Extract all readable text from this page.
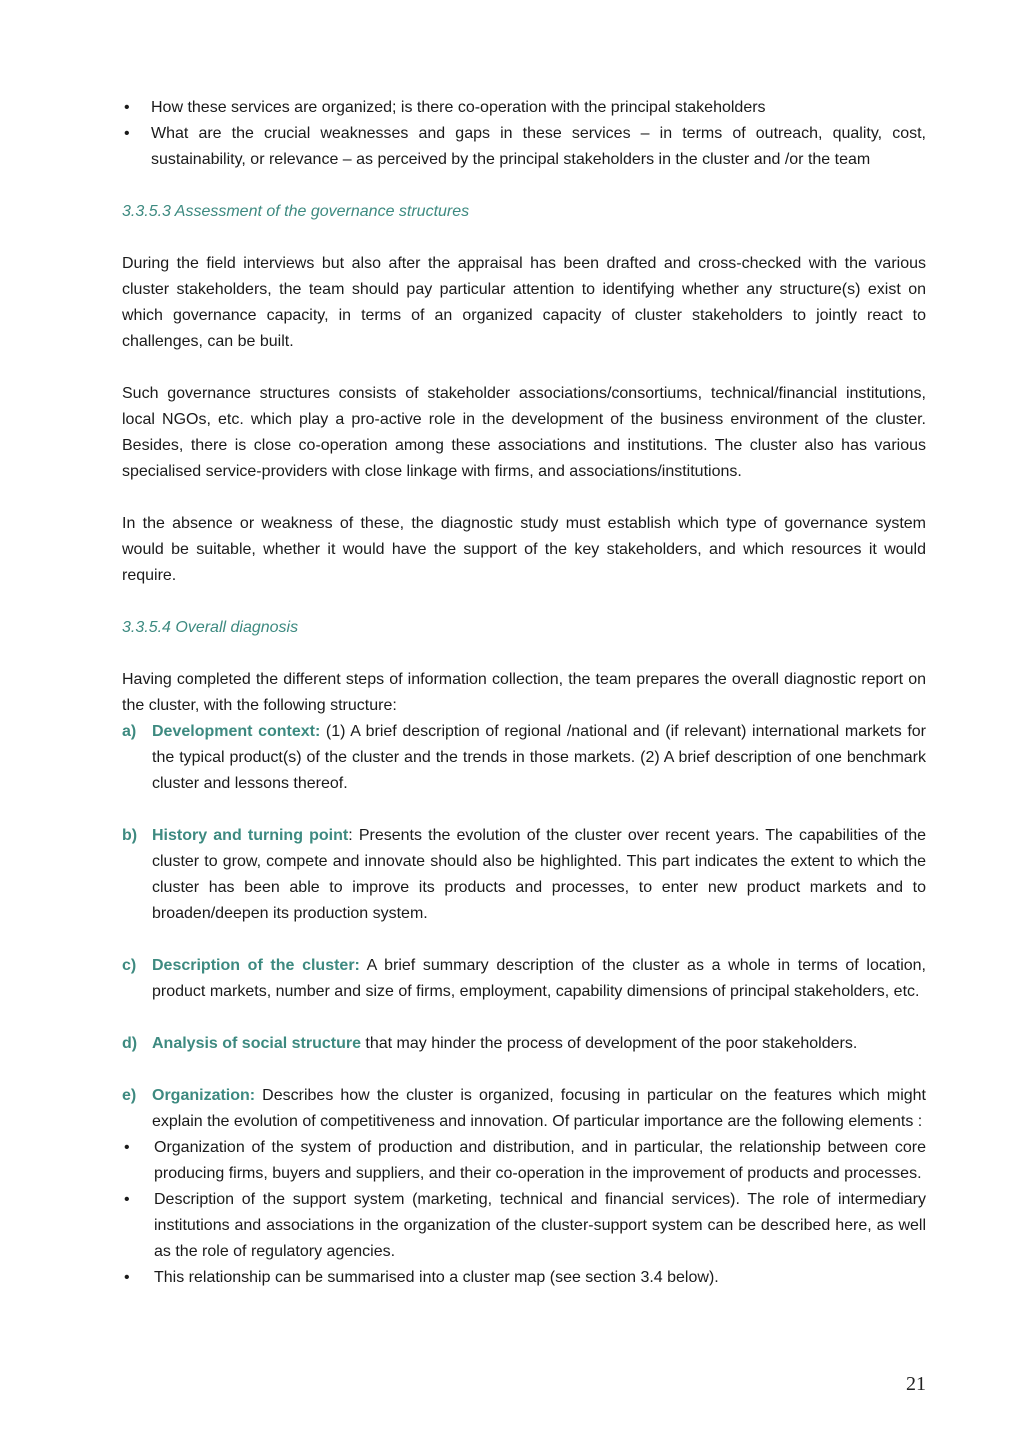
•	How these services are organized; is there co-operation with the principal stakeholders
•	What are the crucial weaknesses and gaps in these services – in terms of outreach, quality, cost, sustainability, or relevance – as perceived by the principal stakeholders in the cluster and /or the team

3.3.5.3 Assessment of the governance structures

During the field interviews but also after the appraisal has been drafted and cross-checked with the various cluster stakeholders, the team should pay particular attention to identifying whether any structure(s) exist on which governance capacity, in terms of an organized capacity of cluster stakeholders to jointly react to challenges, can be built.

Such governance structures consists of stakeholder associations/consortiums, technical/financial institutions, local NGOs, etc. which play a pro-active role in the development of the business environment of the cluster. Besides, there is close co-operation among these associations and institutions. The cluster also has various specialised service-providers with close linkage with firms, and associations/institutions.

In the absence or weakness of these, the diagnostic study must establish which type of governance system would be suitable, whether it would have the support of the key stakeholders, and which resources it would require.

3.3.5.4 Overall diagnosis

Having completed the different steps of information collection, the team prepares the overall diagnostic report on the cluster, with the following structure:

a) Development context: (1) A brief description of regional /national and (if relevant) international markets for the typical product(s) of the cluster and the trends in those markets. (2) A brief description of one benchmark cluster and lessons thereof.
b) History and turning point: Presents the evolution of the cluster over recent years. The capabilities of the cluster to grow, compete and innovate should also be highlighted. This part indicates the extent to which the cluster has been able to improve its products and processes, to enter new product markets and to broaden/deepen its production system.
c) Description of the cluster: A brief summary description of the cluster as a whole in terms of location, product markets, number and size of firms, employment, capability dimensions of principal stakeholders, etc.
d) Analysis of social structure that may hinder the process of development of the poor stakeholders.
e) Organization: Describes how the cluster is organized, focusing in particular on the features which might explain the evolution of competitiveness and innovation. Of particular importance are the following elements :
•	Organization of the system of production and distribution, and in particular, the relationship between core producing firms, buyers and suppliers, and their co-operation in the improvement of products and processes.
•	Description of the support system (marketing, technical and financial services). The role of intermediary institutions and associations in the organization of the cluster-support system can be described here, as well as the role of regulatory agencies.
•	This relationship can be summarised into a cluster map (see section 3.4 below).
21
